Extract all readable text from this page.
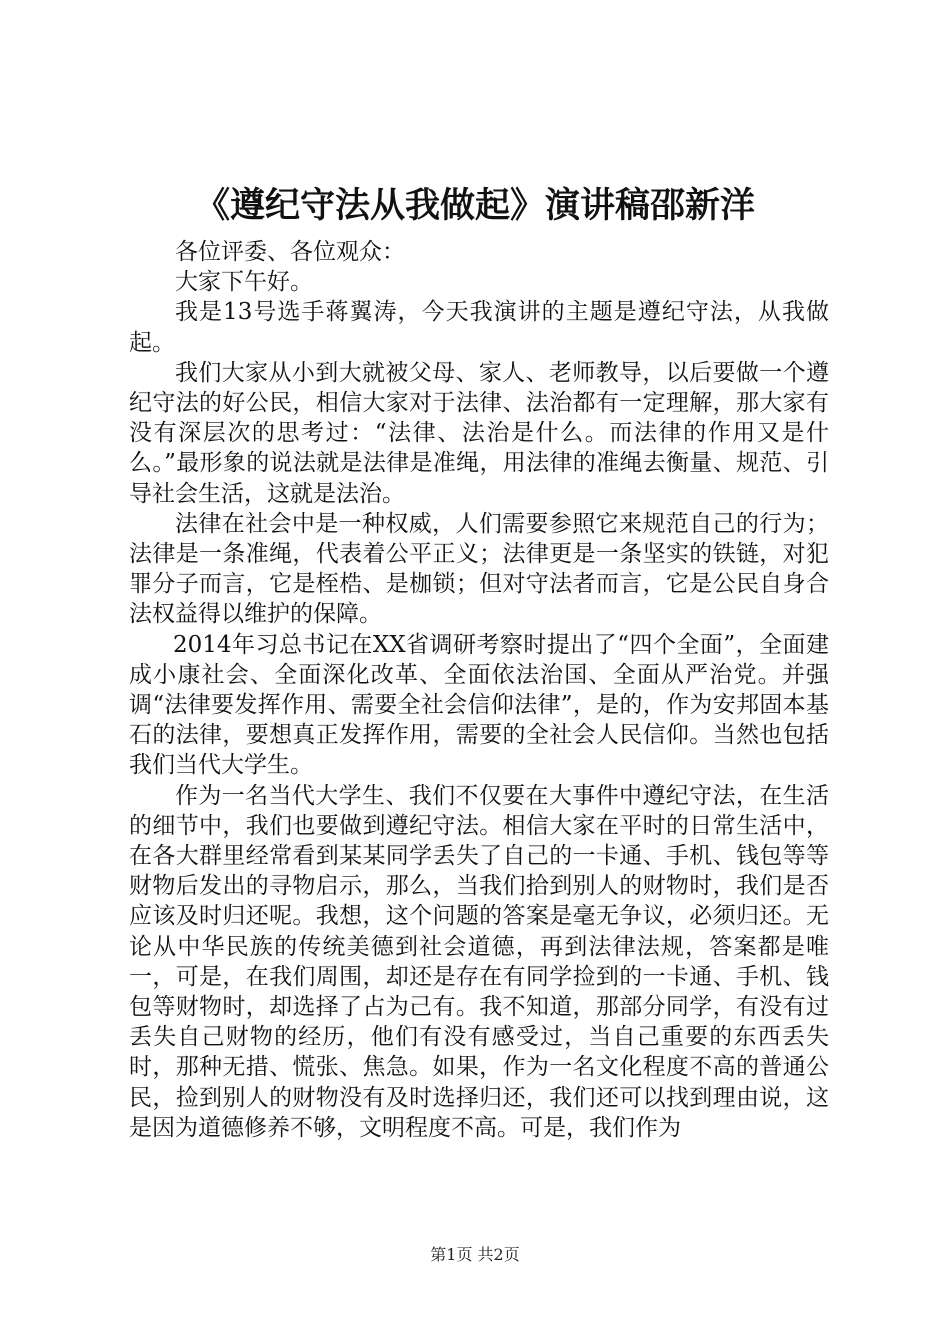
《遵纪守法从我做起》演讲稿邵新洋

各位评委、各位观众：

大家下午好。

我是13号选手蒋翼涛，今天我演讲的主题是遵纪守法，从我做起。

我们大家从小到大就被父母、家人、老师教导，以后要做一个遵纪守法的好公民，相信大家对于法律、法治都有一定理解，那大家有没有深层次的思考过：“法律、法治是什么。而法律的作用又是什么。”最形象的说法就是法律是准绳，用法律的准绳去衡量、规范、引导社会生活，这就是法治。

法律在社会中是一种权威，人们需要参照它来规范自己的行为；法律是一条准绳，代表着公平正义；法律更是一条坚实的铁链，对犯罪分子而言，它是桎梏、是枷锁；但对守法者而言，它是公民自身合法权益得以维护的保障。

2014年习总书记在XX省调研考察时提出了“四个全面”，全面建成小康社会、全面深化改革、全面依法治国、全面从严治党。并强调“法律要发挥作用、需要全社会信仰法律”，是的，作为安邦固本基石的法律，要想真正发挥作用，需要的全社会人民信仰。当然也包括我们当代大学生。

作为一名当代大学生、我们不仅要在大事件中遵纪守法，在生活的细节中，我们也要做到遵纪守法。相信大家在平时的日常生活中，在各大群里经常看到某某同学丢失了自己的一卡通、手机、钱包等等财物后发出的寻物启示，那么，当我们拾到别人的财物时，我们是否应该及时归还呢。我想，这个问题的答案是毫无争议，必须归还。无论从中华民族的传统美德到社会道德，再到法律法规，答案都是唯一，可是，在我们周围，却还是存在有同学捡到的一卡通、手机、钱包等财物时，却选择了占为己有。我不知道，那部分同学，有没有过丢失自己财物的经历，他们有没有感受过，当自己重要的东西丢失时，那种无措、慌张、焦急。如果，作为一名文化程度不高的普通公民，捡到别人的财物没有及时选择归还，我们还可以找到理由说，这是因为道德修养不够，文明程度不高。可是，我们作为

第1页 共2页
